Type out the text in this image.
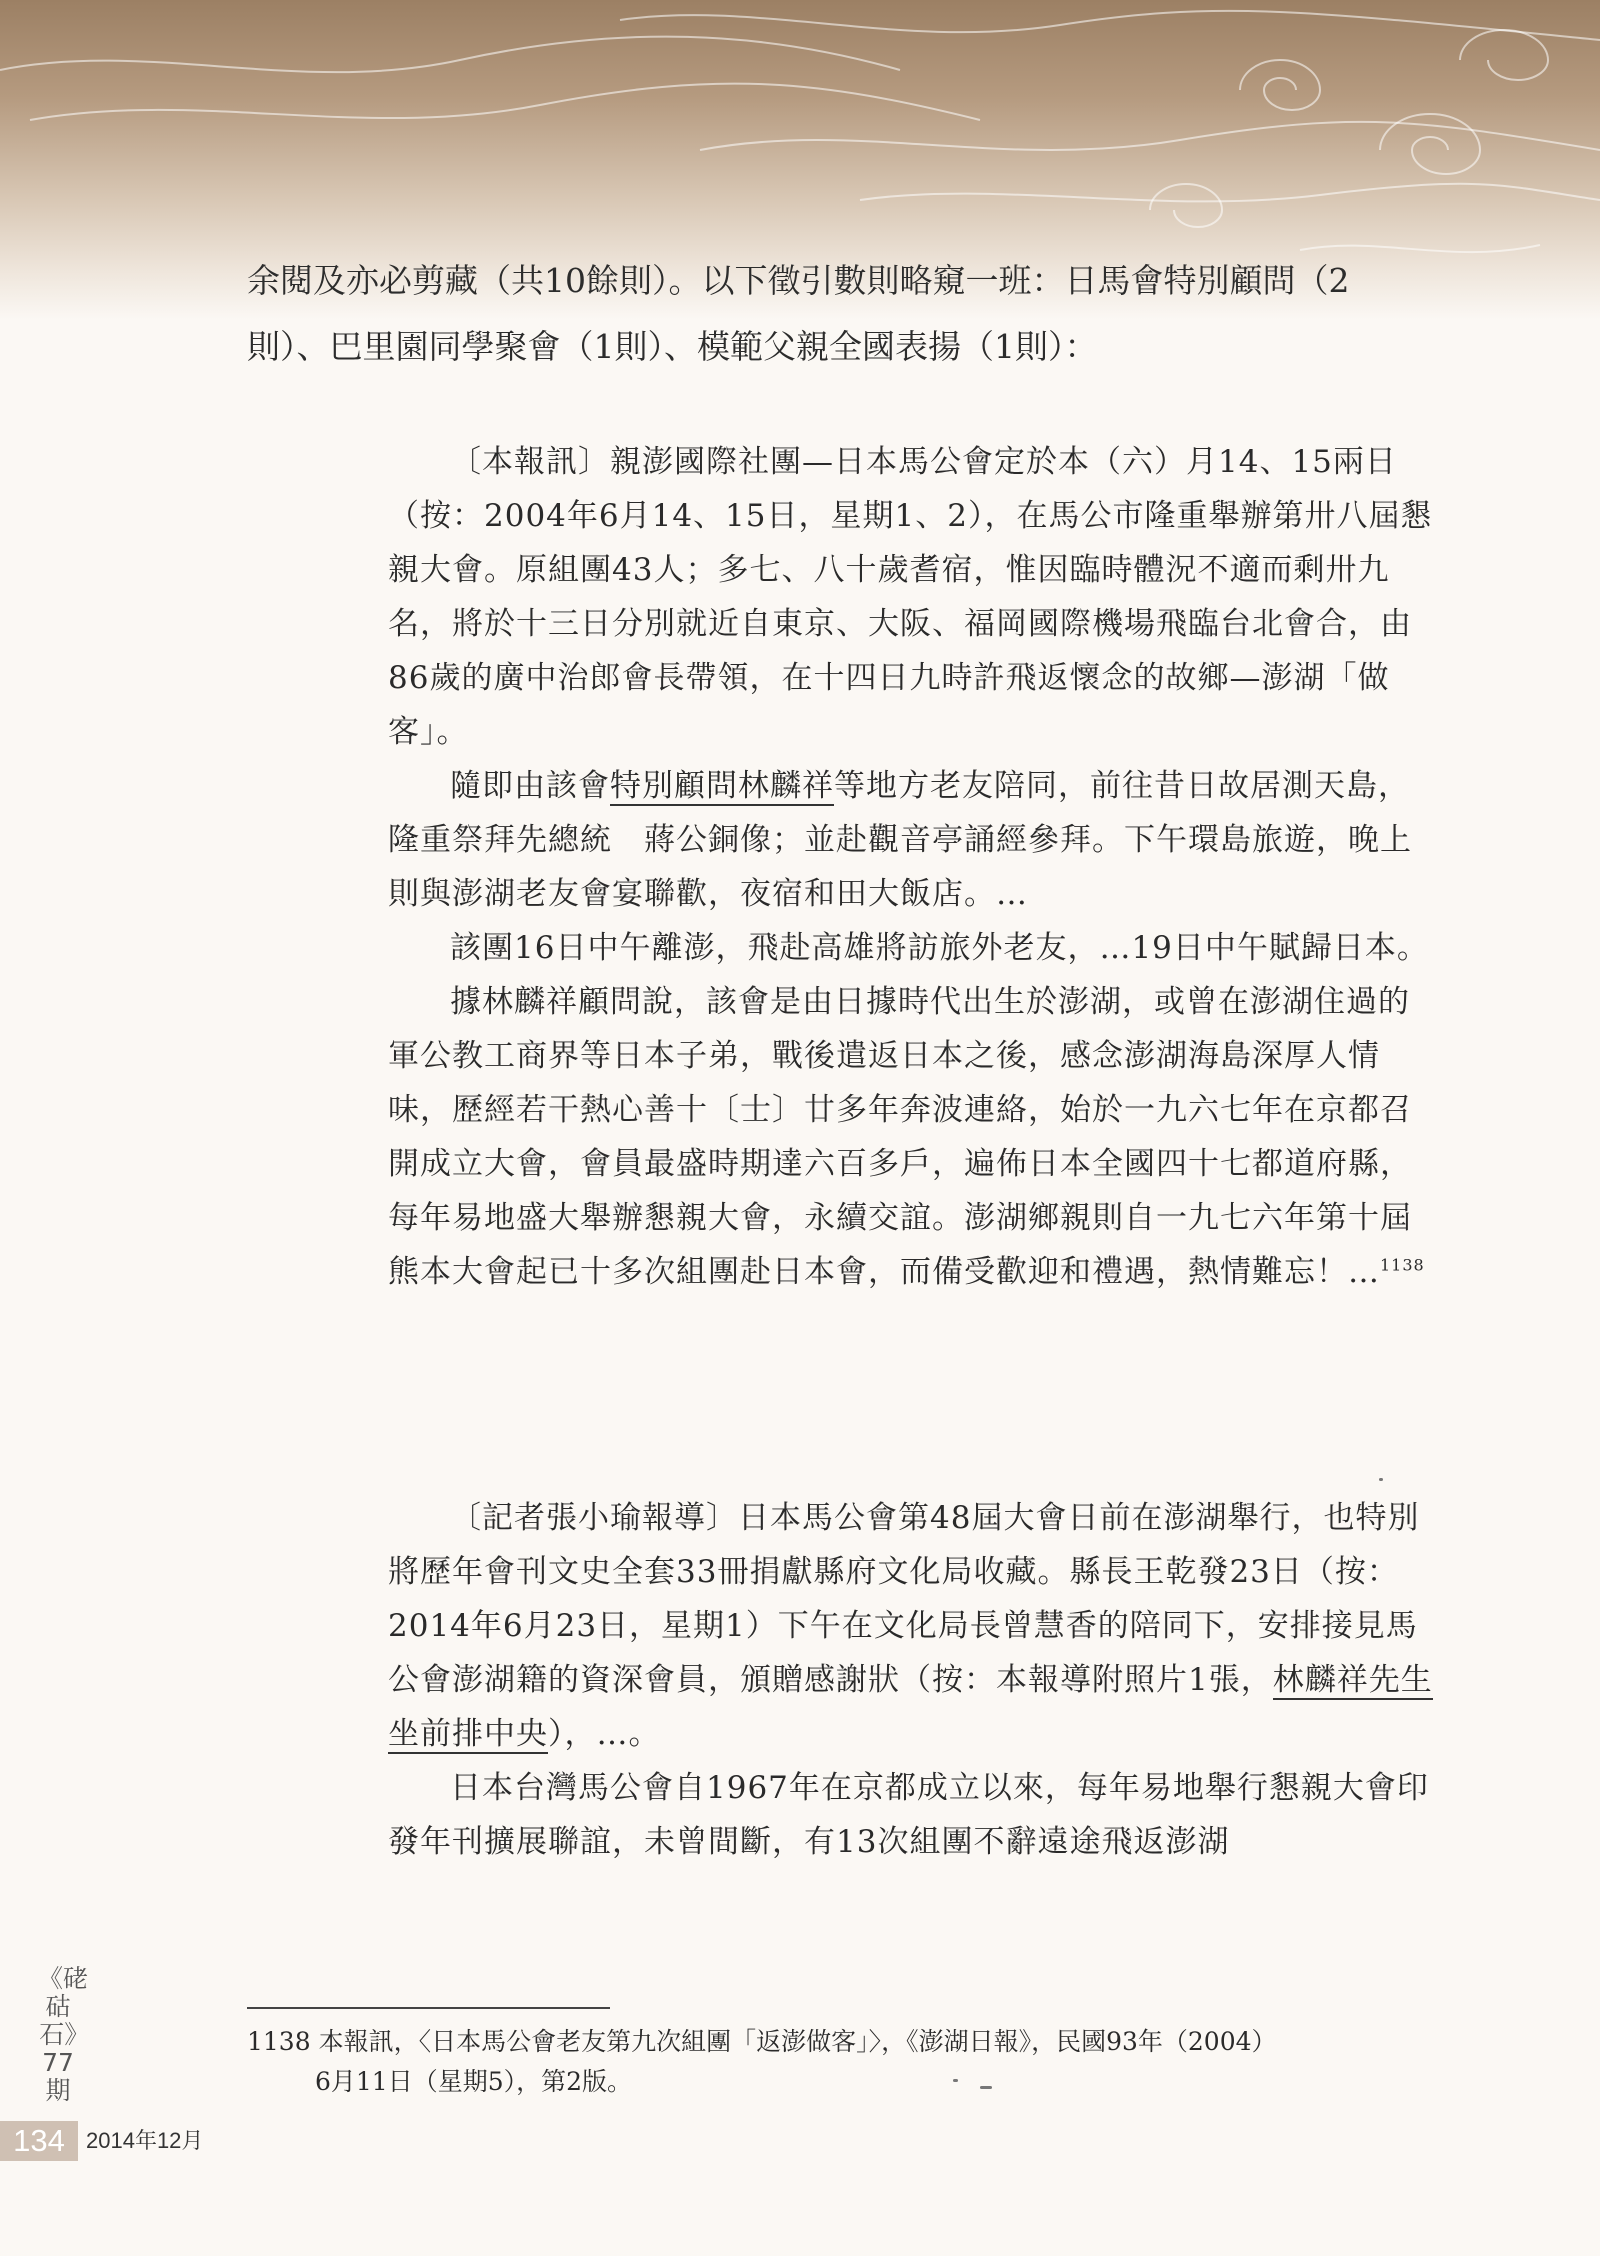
余閱及亦必剪藏（共10餘則）。以下徵引數則略窺一班：日馬會特別顧問（2

則）、巴里園同學聚會（1則）、模範父親全國表揚（1則）：

〔本報訊〕親澎國際社團—日本馬公會定於本（六）月14、15兩日（按：2004年6月14、15日，星期1、2），在馬公市隆重舉辦第卅八屆懇親大會。原組團43人；多七、八十歲耆宿，惟因臨時體況不適而剩卅九名，將於十三日分別就近自東京、大阪、福岡國際機場飛臨台北會合，由86歲的廣中治郎會長帶領，在十四日九時許飛返懷念的故鄉—澎湖「做客」。

隨即由該會特別顧問林麟祥等地方老友陪同，前往昔日故居測天島，隆重祭拜先總統　蔣公銅像；並赴觀音亭誦經參拜。下午環島旅遊，晚上則與澎湖老友會宴聯歡，夜宿和田大飯店。…

該團16日中午離澎，飛赴高雄將訪旅外老友，…19日中午賦歸日本。

據林麟祥顧問說，該會是由日據時代出生於澎湖，或曾在澎湖住過的軍公教工商界等日本子弟，戰後遣返日本之後，感念澎湖海島深厚人情味，歷經若干熱心善十〔士〕廿多年奔波連絡，始於一九六七年在京都召開成立大會，會員最盛時期達六百多戶，遍佈日本全國四十七都道府縣，每年易地盛大舉辦懇親大會，永續交誼。澎湖鄉親則自一九七六年第十屆熊本大會起已十多次組團赴日本會，而備受歡迎和禮遇，熱情難忘！…$^{1138}$

〔記者張小瑜報導〕日本馬公會第48屆大會日前在澎湖舉行，也特別將歷年會刊文史全套33冊捐獻縣府文化局收藏。縣長王乾發23日（按：2014年6月23日，星期1）下午在文化局長曾慧香的陪同下，安排接見馬公會澎湖籍的資深會員，頒贈感謝狀（按：本報導附照片1張，林麟祥先生坐前排中央），…。

日本台灣馬公會自1967年在京都成立以來，每年易地舉行懇親大會印發年刊擴展聯誼，未曾間斷，有13次組團不辭遠途飛返澎湖

1138 本報訊，〈日本馬公會老友第九次組團「返澎做客」〉，《澎湖日報》，民國93年（2004）
6月11日（星期5），第2版。
《硓𥑮石》77期
134 2014年12月
